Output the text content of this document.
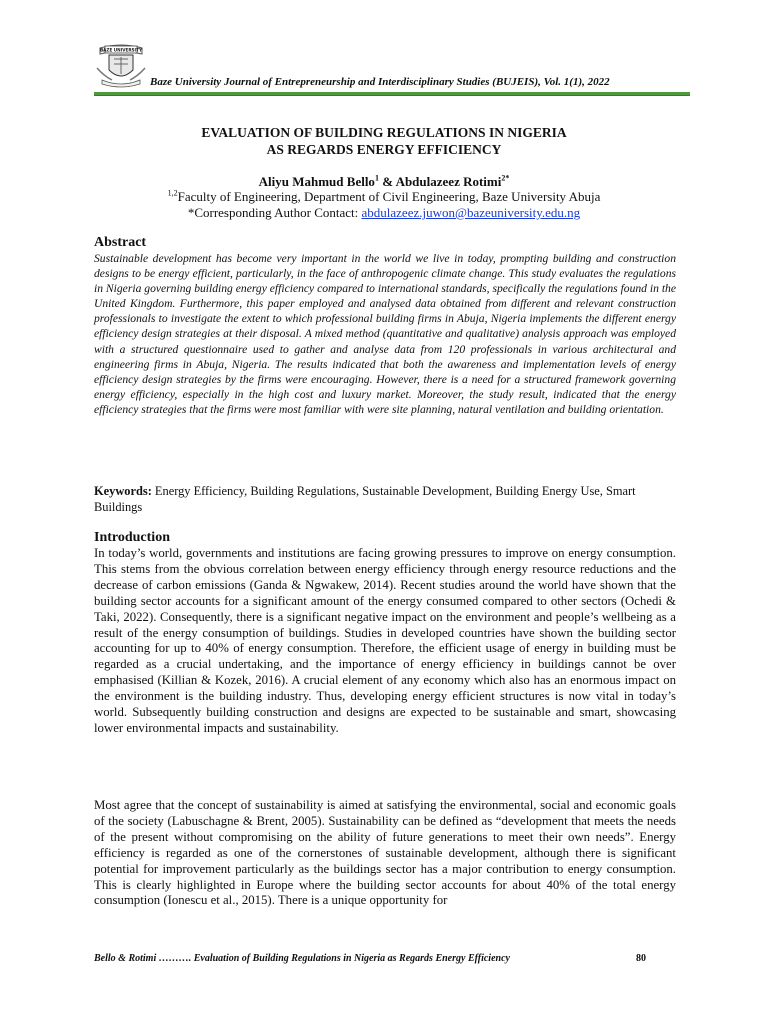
BAZE UNIVERSITY
Baze University Journal of Entrepreneurship and Interdisciplinary Studies (BUJEIS), Vol. 1(1), 2022
EVALUATION OF BUILDING REGULATIONS IN NIGERIA
AS REGARDS ENERGY EFFICIENCY
Aliyu Mahmud Bello$^1$ & Abdulazeez Rotimi$^{2*}$
$^{1,2}$Faculty of Engineering, Department of Civil Engineering, Baze University Abuja
*Corresponding Author Contact: abdulazeez.juwon@bazeuniversity.edu.ng
Abstract
Sustainable development has become very important in the world we live in today, prompting building and construction designs to be energy efficient, particularly, in the face of anthropogenic climate change. This study evaluates the regulations in Nigeria governing building energy efficiency compared to international standards, specifically the regulations found in the United Kingdom. Furthermore, this paper employed and analysed data obtained from different and relevant construction professionals to investigate the extent to which professional building firms in Abuja, Nigeria implements the different energy efficiency design strategies at their disposal. A mixed method (quantitative and qualitative) analysis approach was employed with a structured questionnaire used to gather and analyse data from 120 professionals in various architectural and engineering firms in Abuja, Nigeria. The results indicated that both the awareness and implementation levels of energy efficiency design strategies by the firms were encouraging. However, there is a need for a structured framework governing energy efficiency, especially in the high cost and luxury market. Moreover, the study result, indicated that the energy efficiency strategies that the firms were most familiar with were site planning, natural ventilation and building orientation.
Keywords: Energy Efficiency, Building Regulations, Sustainable Development, Building Energy Use, Smart Buildings
Introduction
In today’s world, governments and institutions are facing growing pressures to improve on energy consumption. This stems from the obvious correlation between energy efficiency through energy resource reductions and the decrease of carbon emissions (Ganda & Ngwakew, 2014). Recent studies around the world have shown that the building sector accounts for a significant amount of the energy consumed compared to other sectors (Ochedi & Taki, 2022). Consequently, there is a significant negative impact on the environment and people’s wellbeing as a result of the energy consumption of buildings. Studies in developed countries have shown the building sector accounting for up to 40% of energy consumption. Therefore, the efficient usage of energy in building must be regarded as a crucial undertaking, and the importance of energy efficiency in buildings cannot be over emphasised (Killian & Kozek, 2016). A crucial element of any economy which also has an enormous impact on the environment is the building industry. Thus, developing energy efficient structures is now vital in today’s world. Subsequently building construction and designs are expected to be sustainable and smart, showcasing lower environmental impacts and sustainability.
Most agree that the concept of sustainability is aimed at satisfying the environmental, social and economic goals of the society (Labuschagne & Brent, 2005). Sustainability can be defined as “development that meets the needs of the present without compromising on the ability of future generations to meet their own needs”. Energy efficiency is regarded as one of the cornerstones of sustainable development, although there is significant potential for improvement particularly as the buildings sector has a major contribution to energy consumption. This is clearly highlighted in Europe where the building sector accounts for about 40% of the total energy consumption (Ionescu et al., 2015). There is a unique opportunity for
Bello & Rotimi ………. Evaluation of Building Regulations in Nigeria as Regards Energy Efficiency	80
